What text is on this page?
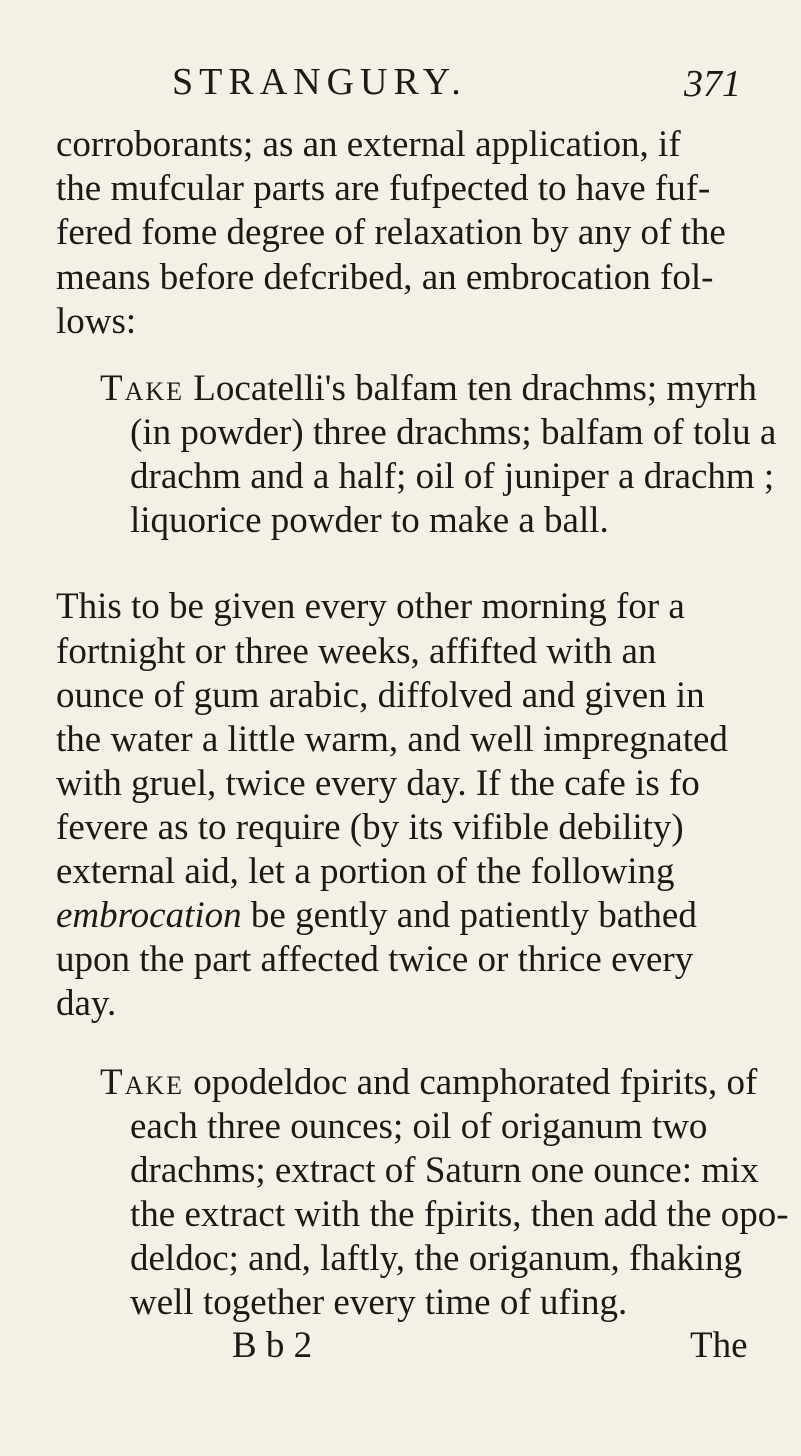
STRANGURY.	371
corroborants; as an external application, if
the mufcular parts are fufpected to have fuf-
fered fome degree of relaxation by any of the
means before defcribed, an embrocation fol-
lows:
Take Locatelli's balfam ten drachms; myrrh
(in powder) three drachms; balfam of tolu a
drachm and a half; oil of juniper a drachm ;
liquorice powder to make a ball.
This to be given every other morning for a
fortnight or three weeks, affifted with an
ounce of gum arabic, diffolved and given in
the water a little warm, and well impregnated
with gruel, twice every day. If the cafe is fo
fevere as to require (by its vifible debility)
external aid, let a portion of the following
embrocation be gently and patiently bathed
upon the part affected twice or thrice every
day.
Take opodeldoc and camphorated fpirits, of
each three ounces; oil of origanum two
drachms; extract of Saturn one ounce: mix
the extract with the fpirits, then add the opo-
deldoc; and, laftly, the origanum, fhaking
well together every time of ufing.
B b 2	The
